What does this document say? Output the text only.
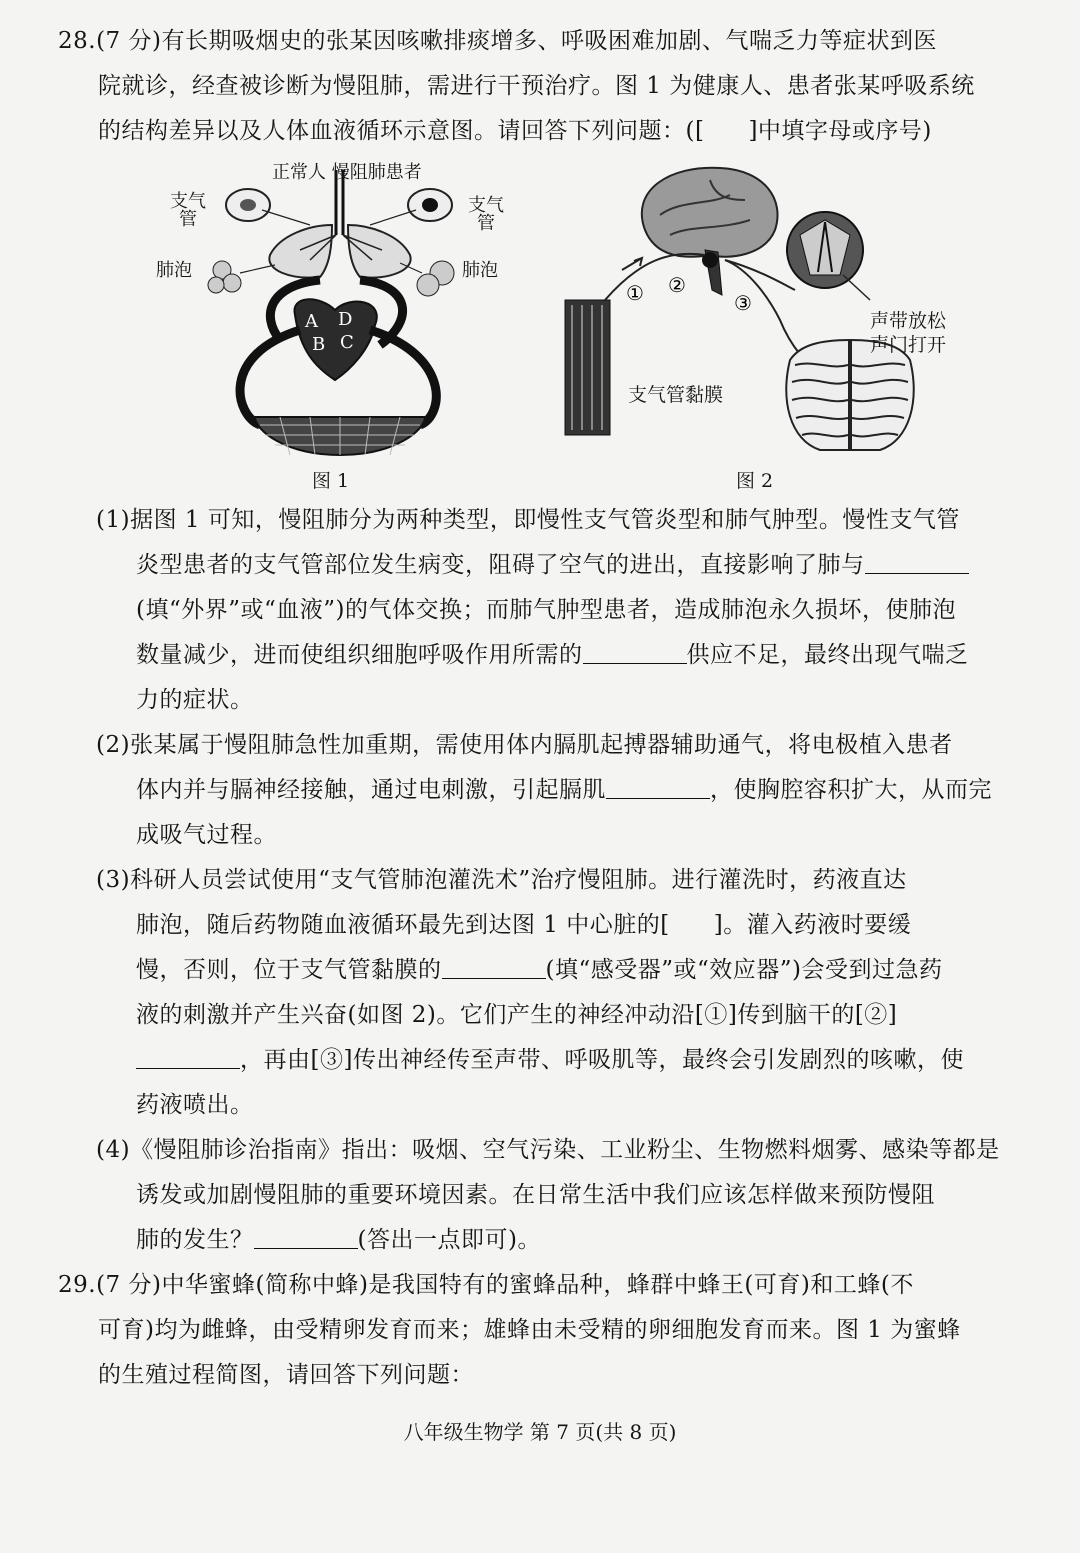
28.(7 分)有长期吸烟史的张某因咳嗽排痰增多、呼吸困难加剧、气喘乏力等症状到医
院就诊，经查被诊断为慢阻肺，需进行干预治疗。图 1 为健康人、患者张某呼吸系统
的结构差异以及人体血液循环示意图。请回答下列问题：([ ]中填字母或序号)
A D
B C
正常人 慢阻肺患者
支气管
支气管
肺泡	肺泡
图 1
① ②
③
支气管黏膜
声带放松
声门打开
图 2
(1)据图 1 可知，慢阻肺分为两种类型，即慢性支气管炎型和肺气肿型。慢性支气管
炎型患者的支气管部位发生病变，阻碍了空气的进出，直接影响了肺与
(填“外界”或“血液”)的气体交换；而肺气肿型患者，造成肺泡永久损坏，使肺泡
数量减少，进而使组织细胞呼吸作用所需的	供应不足，最终出现气喘乏
力的症状。
(2)张某属于慢阻肺急性加重期，需使用体内膈肌起搏器辅助通气，将电极植入患者
体内并与膈神经接触，通过电刺激，引起膈肌	，使胸腔容积扩大，从而完
成吸气过程。
(3)科研人员尝试使用“支气管肺泡灌洗术”治疗慢阻肺。进行灌洗时，药液直达
肺泡，随后药物随血液循环最先到达图 1 中心脏的[ ]。灌入药液时要缓
慢，否则，位于支气管黏膜的	(填“感受器”或“效应器”)会受到过急药
液的刺激并产生兴奋(如图 2)。它们产生的神经冲动沿[①]传到脑干的[②]
，再由[③]传出神经传至声带、呼吸肌等，最终会引发剧烈的咳嗽，使
药液喷出。
(4)《慢阻肺诊治指南》指出：吸烟、空气污染、工业粉尘、生物燃料烟雾、感染等都是
诱发或加剧慢阻肺的重要环境因素。在日常生活中我们应该怎样做来预防慢阻
肺的发生？	(答出一点即可)。
29.(7 分)中华蜜蜂(简称中蜂)是我国特有的蜜蜂品种，蜂群中蜂王(可育)和工蜂(不
可育)均为雌蜂，由受精卵发育而来；雄蜂由未受精的卵细胞发育而来。图 1 为蜜蜂
的生殖过程简图，请回答下列问题：
八年级生物学 第 7 页(共 8 页)
